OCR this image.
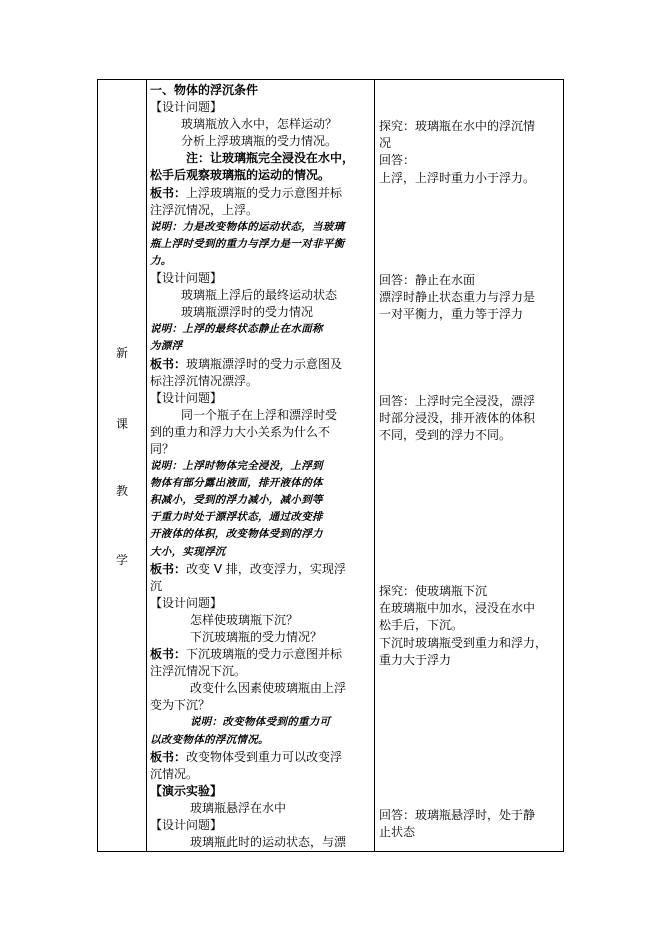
新
课
教
学
一、物体的浮沉条件
【设计问题】
玻璃瓶放入水中，怎样运动？
分析上浮玻璃瓶的受力情况。
注：让玻璃瓶完全浸没在水中，
松手后观察玻璃瓶的运动的情况。
板书：上浮玻璃瓶的受力示意图并标
注浮沉情况，上浮。
说明：力是改变物体的运动状态，当玻璃
瓶上浮时受到的重力与浮力是一对非平衡
力。
【设计问题】
玻璃瓶上浮后的最终运动状态
玻璃瓶漂浮时的受力情况
说明：上浮的最终状态静止在水面称
为漂浮
板书：玻璃瓶漂浮时的受力示意图及
标注浮沉情况漂浮。
【设计问题】
同一个瓶子在上浮和漂浮时受
到的重力和浮力大小关系为什么不
同？
说明：上浮时物体完全浸没，上浮到
物体有部分露出液面，排开液体的体
积减小，受到的浮力减小，减小到等
于重力时处于漂浮状态，通过改变排
开液体的体积，改变物体受到的浮力
大小，实现浮沉
板书：改变 V 排，改变浮力，实现浮
沉
【设计问题】
怎样使玻璃瓶下沉？
下沉玻璃瓶的受力情况？
板书：下沉玻璃瓶的受力示意图并标
注浮沉情况下沉。
改变什么因素使玻璃瓶由上浮
变为下沉？
说明：改变物体受到的重力可
以改变物体的浮沉情况。
板书：改变物体受到重力可以改变浮
沉情况。
【演示实验】
玻璃瓶悬浮在水中
【设计问题】
玻璃瓶此时的运动状态，与漂
探究：玻璃瓶在水中的浮沉情
况
回答：
上浮，上浮时重力小于浮力。
回答：静止在水面
漂浮时静止状态重力与浮力是
一对平衡力，重力等于浮力
回答：上浮时完全浸没，漂浮
时部分浸没，排开液体的体积
不同，受到的浮力不同。
探究：使玻璃瓶下沉
在玻璃瓶中加水，浸没在水中
松手后，下沉。
下沉时玻璃瓶受到重力和浮力，
重力大于浮力
回答：玻璃瓶悬浮时，处于静
止状态
